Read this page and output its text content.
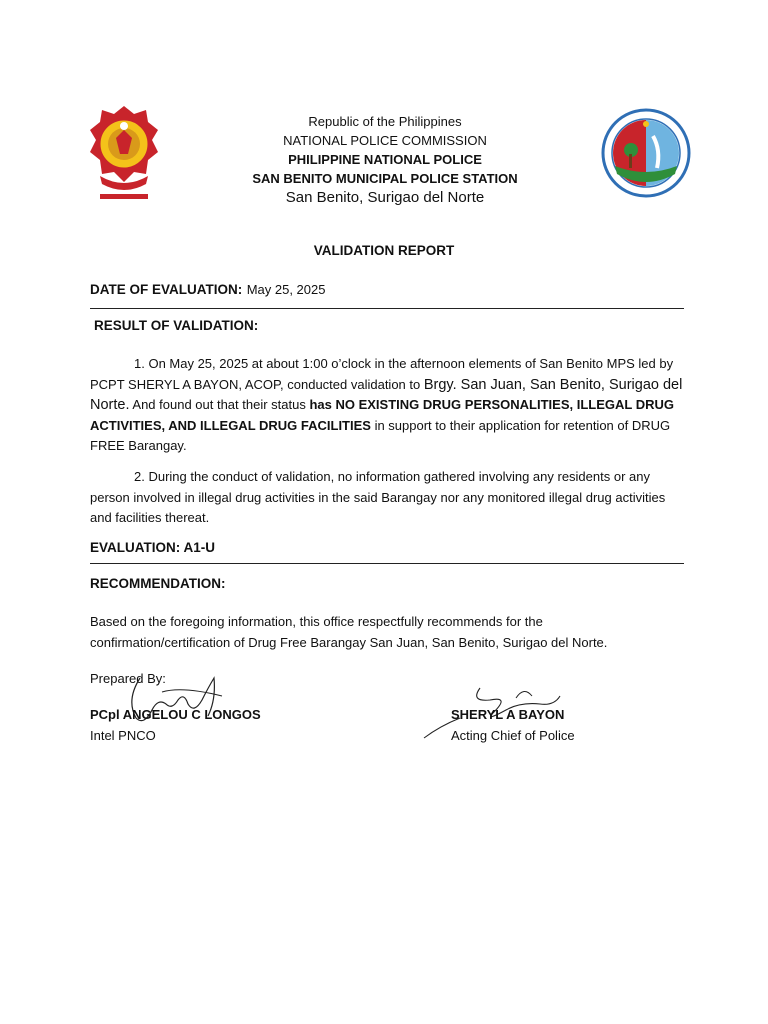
Republic of the Philippines
NATIONAL POLICE COMMISSION
PHILIPPINE NATIONAL POLICE
SAN BENITO MUNICIPAL POLICE STATION
San Benito, Surigao del Norte
VALIDATION REPORT
DATE OF EVALUATION: May 25, 2025
RESULT OF VALIDATION:
1. On May 25, 2025 at about 1:00 o’clock in the afternoon elements of San Benito MPS led by PCPT SHERYL A BAYON, ACOP, conducted validation to Brgy. San Juan, San Benito, Surigao del Norte. And found out that their status has NO EXISTING DRUG PERSONALITIES, ILLEGAL DRUG ACTIVITIES, AND ILLEGAL DRUG FACILITIES in support to their application for retention of DRUG FREE Barangay.
2. During the conduct of validation, no information gathered involving any residents or any person involved in illegal drug activities in the said Barangay nor any monitored illegal drug activities and facilities thereat.
EVALUATION: A1-U
RECOMMENDATION:
Based on the foregoing information, this office respectfully recommends for the confirmation/certification of Drug Free Barangay San Juan, San Benito, Surigao del Norte.
Prepared By:
PCpl ANGELOU C LONGOS
Intel PNCO
SHERYL A BAYON
Acting Chief of Police
